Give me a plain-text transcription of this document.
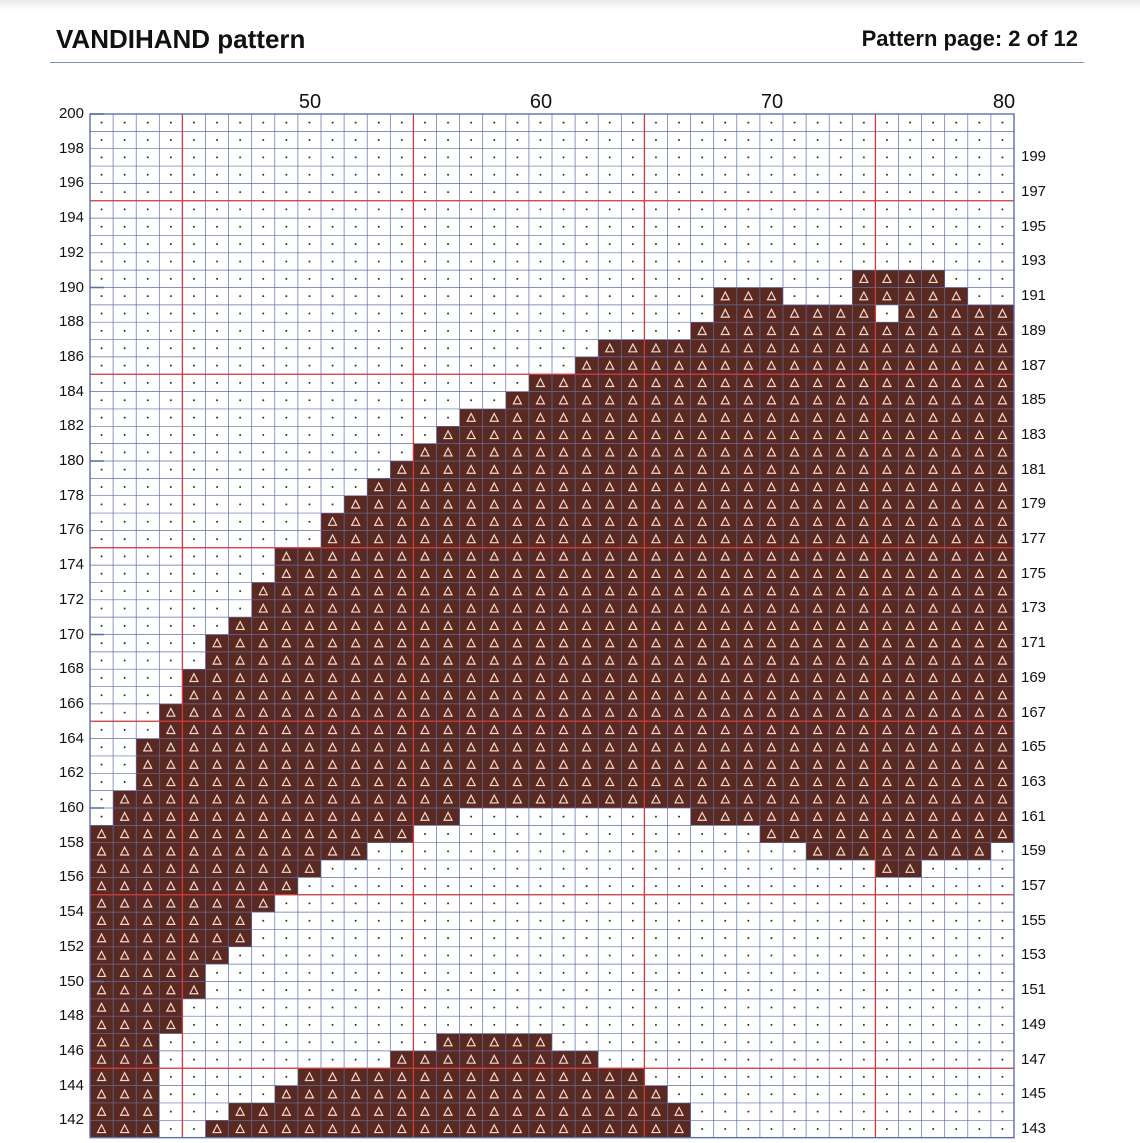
VANDIHAND pattern	Pattern page: 2 of 12
50	60	70	80
200
198
196
194
192
190
188
186
184
182
180
178
176
174
172
170
168
166
164
162
160
158
156
154
152
150
148
146
144
142
199
197
195
193
191
189
187
185
183
181
179
177
175
173
171
169
167
165
163
161
159
157
155
153
151
149
147
145
143
